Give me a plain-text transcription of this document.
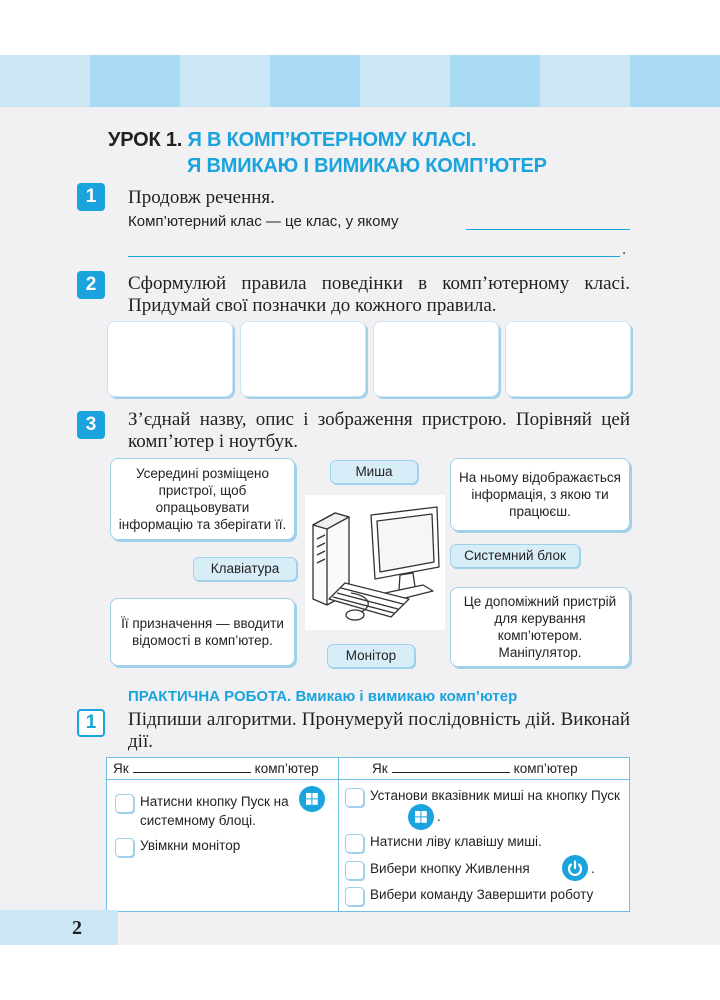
УРОК 1. Я В КОМП’ЮТЕРНОМУ КЛАСІ.
Я ВМИКАЮ І ВИМИКАЮ КОМП’ЮТЕР
1	Продовж речення.
Комп’ютерний клас — це клас, у якому
.
2	Сформулюй правила поведінки в комп’ютерному класі. Придумай свої позначки до кожного правила.
3	З’єднай назву, опис і зображення пристрою. Порівняй цей комп’ютер і ноутбук.
Усередині розміщено пристрої, щоб опрацьовувати інформацію та зберігати її.
На ньому відображається інформація, з якою ти працюєш.
Її призначення — вводити відомості в комп’ютер.
Це допоміжний пристрій для керування комп’ютером. Маніпулятор.
Миша
Системний блок
Клавіатура
Монітор
ПРАКТИЧНА РОБОТА. Вмикаю і вимикаю комп’ютер
1	Підпиши алгоритми. Пронумеруй послідовність дій. Виконай дії.
Як	комп’ютер	Як	комп’ютер
Натисни кнопку Пуск на системному блоці.
Увімкни монітор
Установи вказівник миші на кнопку Пуск
.
Натисни ліву клавішу миші.
Вибери кнопку Живлення	.
Вибери команду Завершити роботу
2
